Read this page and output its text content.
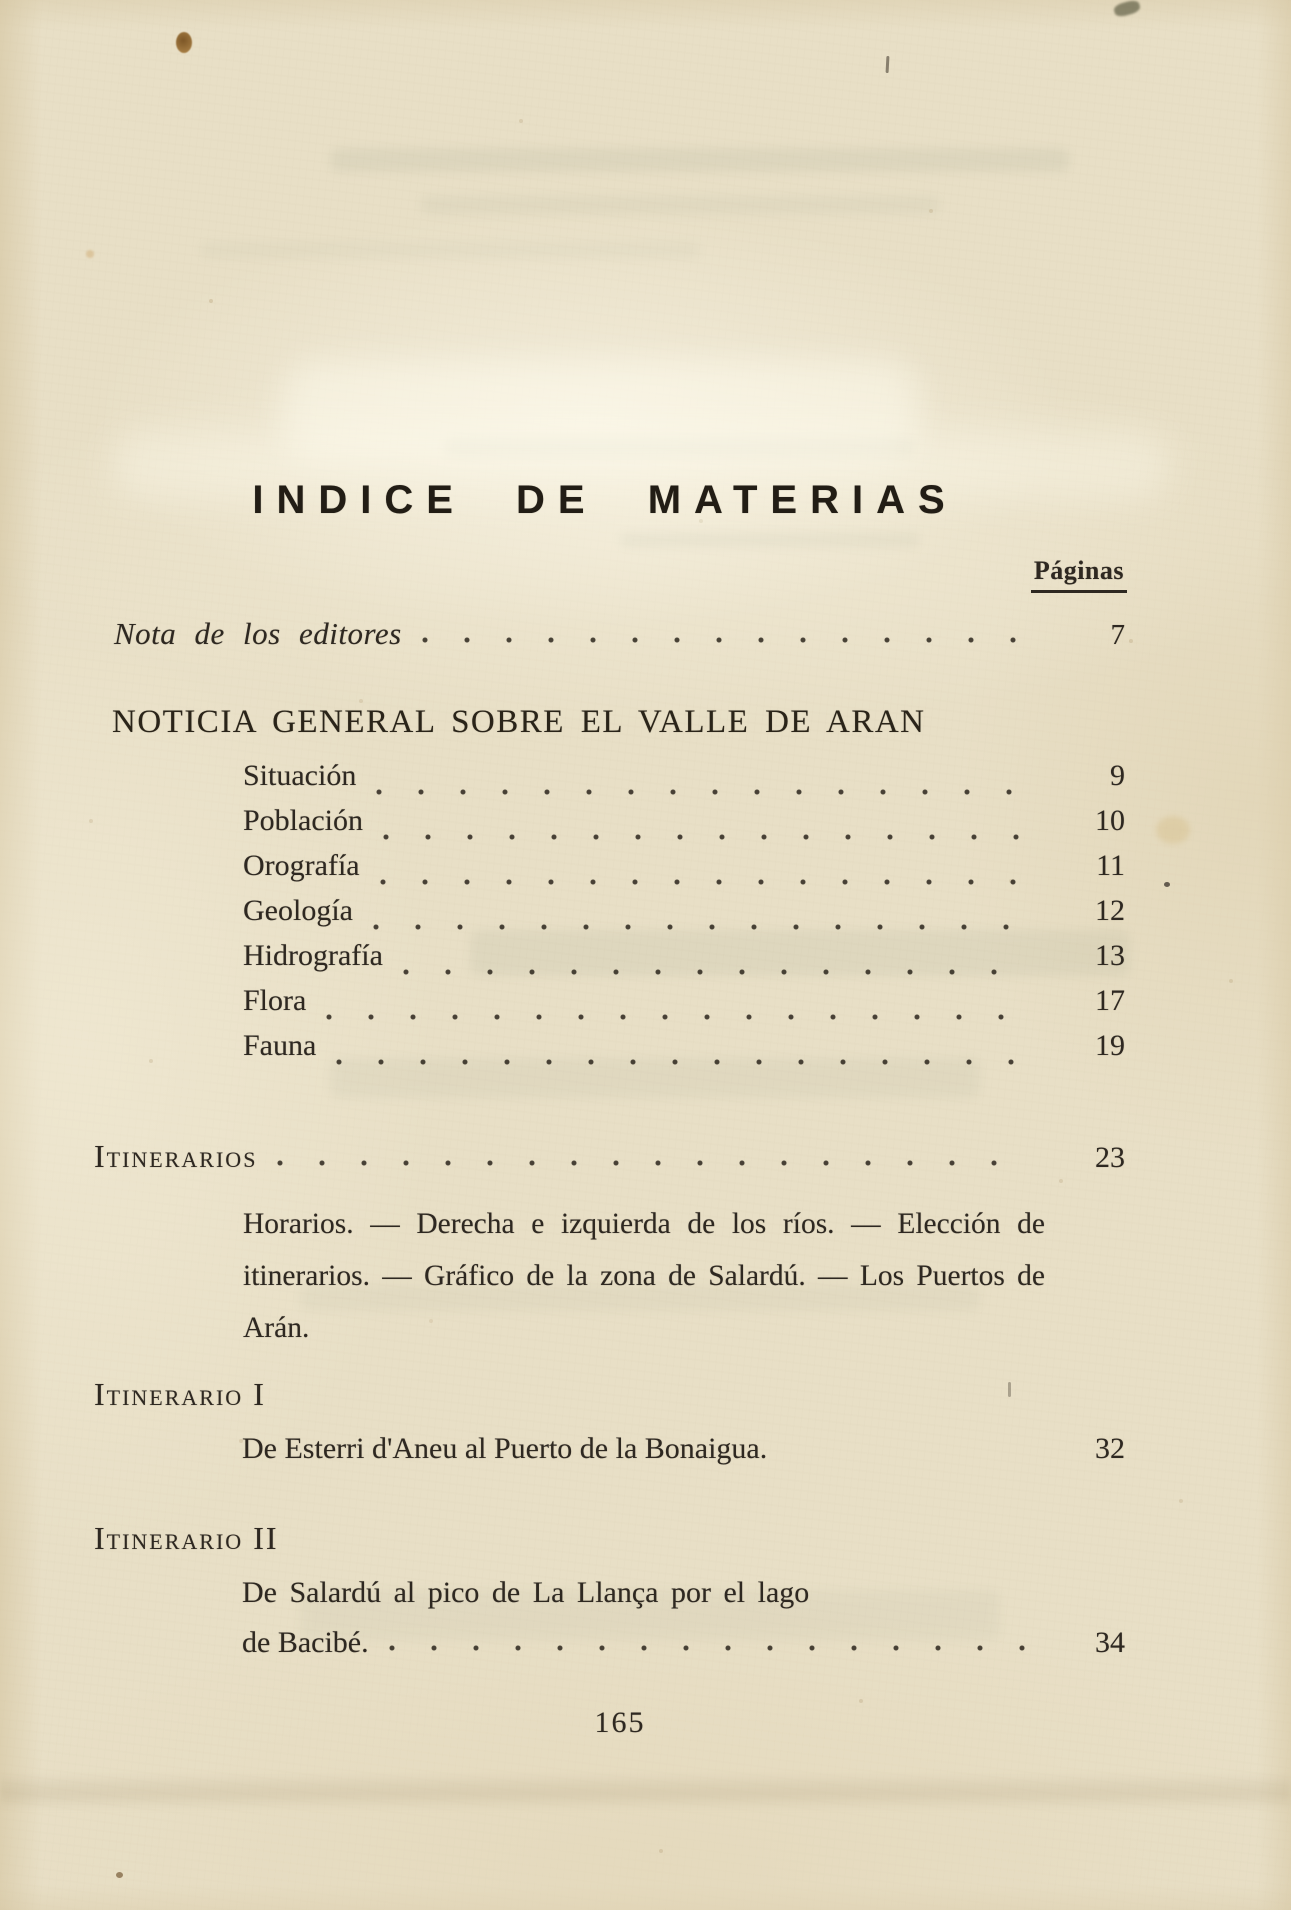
INDICE DE MATERIAS
Páginas
Nota de los editores	7
NOTICIA GENERAL SOBRE EL VALLE DE ARAN
Situación	9
Población	10
Orografía	11
Geología	12
Hidrografía	13
Flora	17
Fauna	19
Itinerarios	23
Horarios. — Derecha e izquierda de los ríos. — Elección de itinerarios. — Gráfico de la zona de Salardú. — Los Puertos de Arán.
Itinerario I
De Esterri d'Aneu al Puerto de la Bonaigua.	32
Itinerario II
De Salardú al pico de La Llança por el lago
de Bacibé.	34
165
